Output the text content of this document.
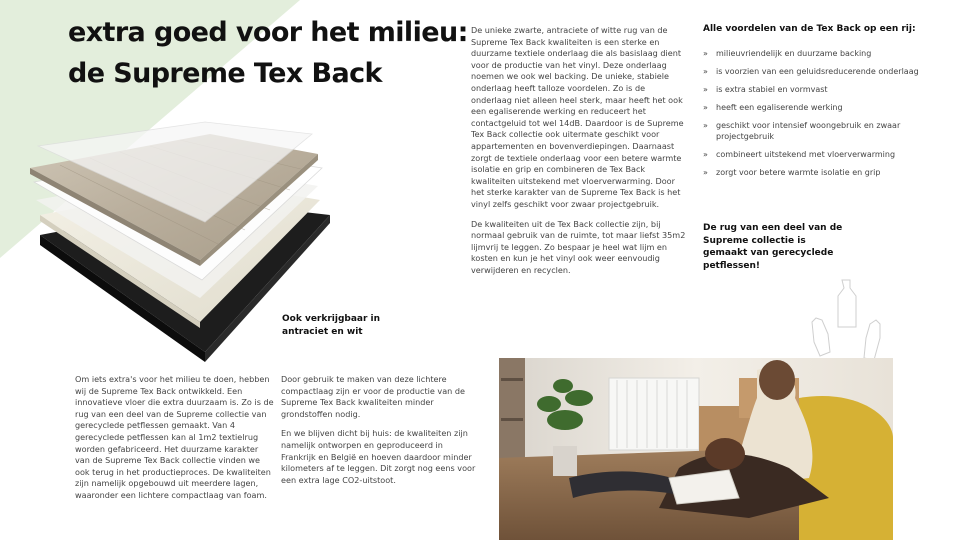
extra goed voor het milieu:
de Supreme Tex Back
Ook verkrijgbaar in antraciet en wit

De unieke zwarte, antraciete of witte rug van de Supreme Tex Back kwaliteiten is een sterke en duurzame textiele onderlaag die als basislaag dient voor de productie van het vinyl. Deze onderlaag noemen we ook wel backing. De unieke, stabiele onderlaag heeft talloze voordelen. Zo is de onderlaag niet alleen heel sterk, maar heeft het ook een egaliserende werking en reduceert het contactgeluid tot wel 14dB. Daardoor is de Supreme Tex Back collectie ook uitermate geschikt voor appartementen en bovenverdiepingen. Daarnaast zorgt de textiele onderlaag voor een betere warmte isolatie en grip en combineren de Tex Back kwaliteiten uitstekend met vloerverwarming. Door het sterke karakter van de Supreme Tex Back is het vinyl zelfs geschikt voor zwaar projectgebruik.

De kwaliteiten uit de Tex Back collectie zijn, bij normaal gebruik van de ruimte, tot maar liefst 35m2 lijmvrij te leggen. Zo bespaar je heel wat lijm en kosten en kun je het vinyl ook weer eenvoudig verwijderen en recyclen.

Alle voordelen van de Tex Back op een rij:
» milieuvriendelijk en duurzame backing
» is voorzien van een geluidsreducerende onderlaag
» is extra stabiel en vormvast
» heeft een egaliserende werking
» geschikt voor intensief woongebruik en zwaar projectgebruik
» combineert uitstekend met vloerverwarming
» zorgt voor betere warmte isolatie en grip
De rug van een deel van de Supreme collectie is gemaakt van gerecyclede petflessen!

Om iets extra's voor het milieu te doen, hebben wij de Supreme Tex Back ontwikkeld. Een innovatieve vloer die extra duurzaam is. Zo is de rug van een deel van de Supreme collectie van gerecyclede petflessen gemaakt. Van 4 gerecyclede petflessen kan al 1m2 textielrug worden gefabriceerd. Het duurzame karakter van de Supreme Tex Back collectie vinden we ook terug in het productieproces. De kwaliteiten zijn namelijk opgebouwd uit meerdere lagen, waaronder een lichtere compactlaag van foam.

Door gebruik te maken van deze lichtere compactlaag zijn er voor de productie van de Supreme Tex Back kwaliteiten minder grondstoffen nodig.

En we blijven dicht bij huis: de kwaliteiten zijn namelijk ontworpen en geproduceerd in Frankrijk en België en hoeven daardoor minder kilometers af te leggen. Dit zorgt nog eens voor een extra lage CO2-uitstoot.
